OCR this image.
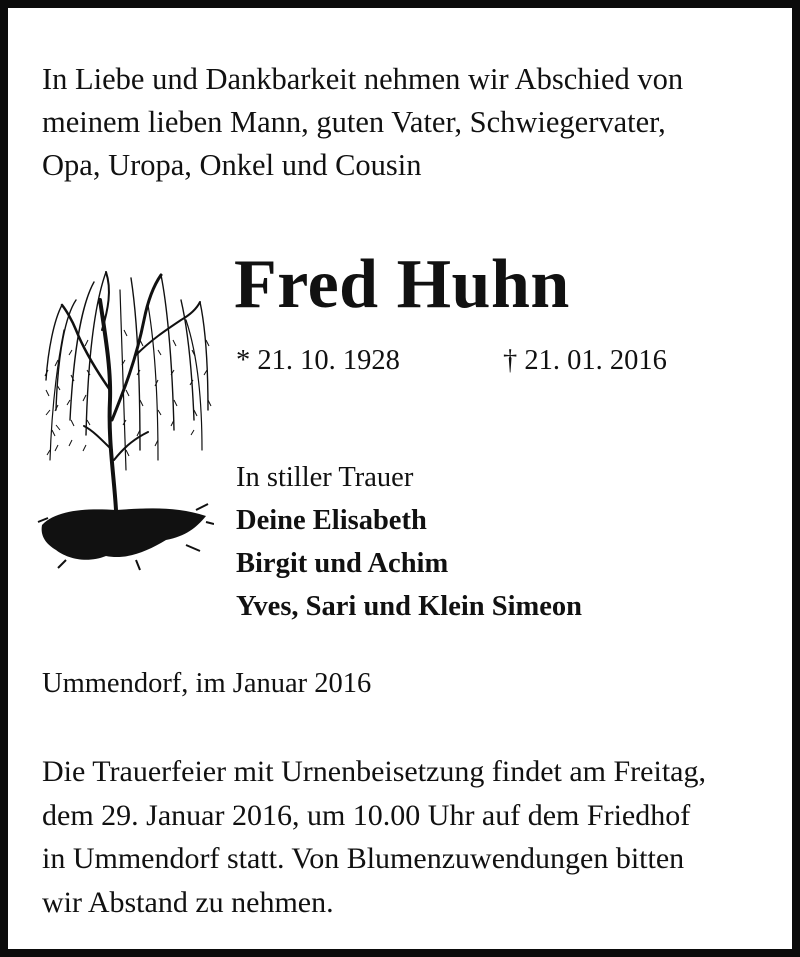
In Liebe und Dankbarkeit nehmen wir Abschied von
meinem lieben Mann, guten Vater, Schwiegervater,
Opa, Uropa, Onkel und Cousin

Fred Huhn
* 21. 10. 1928	† 21. 01. 2016
In stiller Trauer
Deine Elisabeth
Birgit und Achim
Yves, Sari und Klein Simeon
Ummendorf, im Januar 2016
Die Trauerfeier mit Urnenbeisetzung findet am Freitag,
dem 29. Januar 2016, um 10.00 Uhr auf dem Friedhof
in Ummendorf statt. Von Blumenzuwendungen bitten
wir Abstand zu nehmen.
